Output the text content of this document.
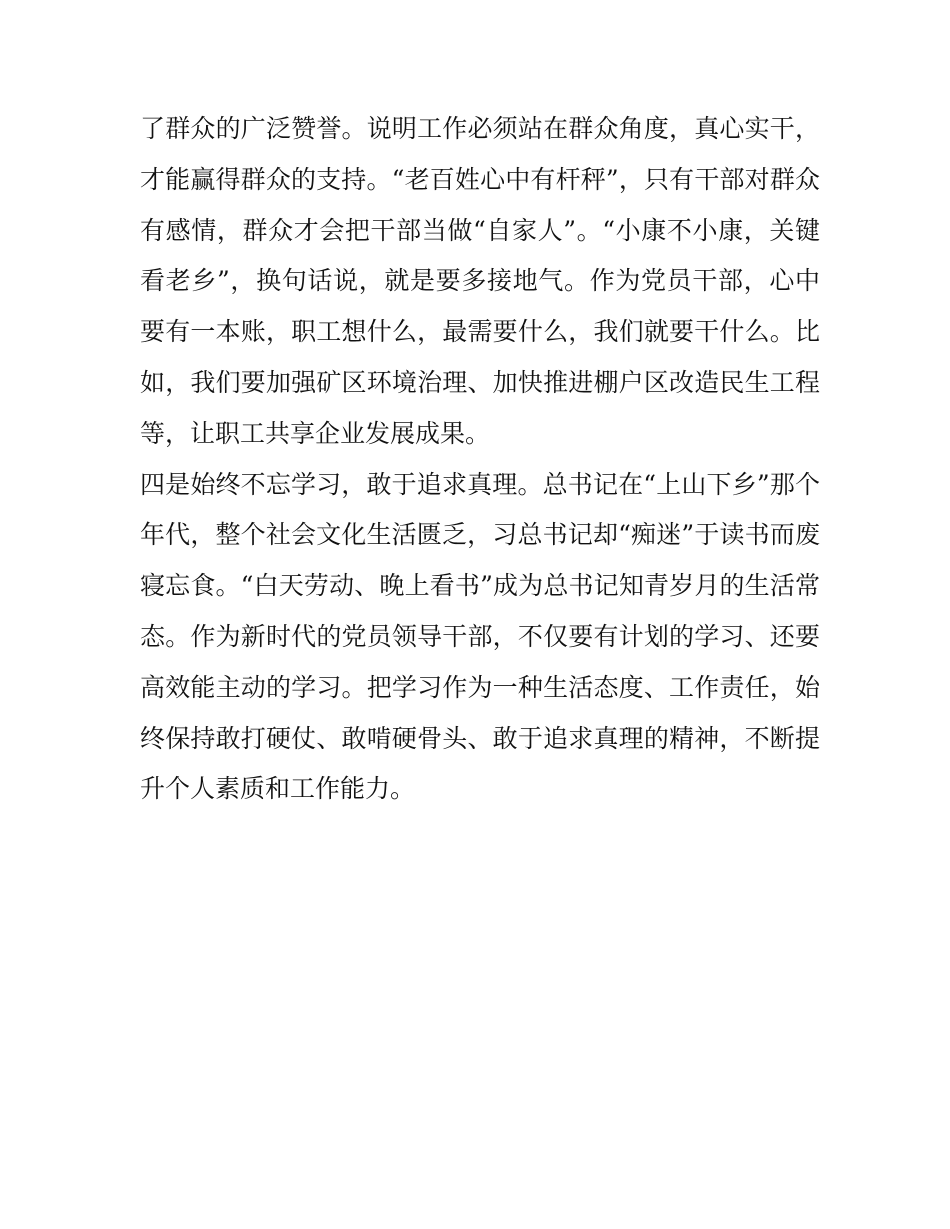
了群众的广泛赞誉。说明工作必须站在群众角度，真心实干，
才能赢得群众的支持。“老百姓心中有杆秤”，只有干部对群众
有感情，群众才会把干部当做“自家人”。“小康不小康，关键
看老乡”，换句话说，就是要多接地气。作为党员干部，心中
要有一本账，职工想什么，最需要什么，我们就要干什么。比
如，我们要加强矿区环境治理、加快推进棚户区改造民生工程
等，让职工共享企业发展成果。
四是始终不忘学习，敢于追求真理。总书记在“上山下乡”那个
年代，整个社会文化生活匮乏，习总书记却“痴迷”于读书而废
寝忘食。“白天劳动、晚上看书”成为总书记知青岁月的生活常
态。作为新时代的党员领导干部，不仅要有计划的学习、还要
高效能主动的学习。把学习作为一种生活态度、工作责任，始
终保持敢打硬仗、敢啃硬骨头、敢于追求真理的精神，不断提
升个人素质和工作能力。
